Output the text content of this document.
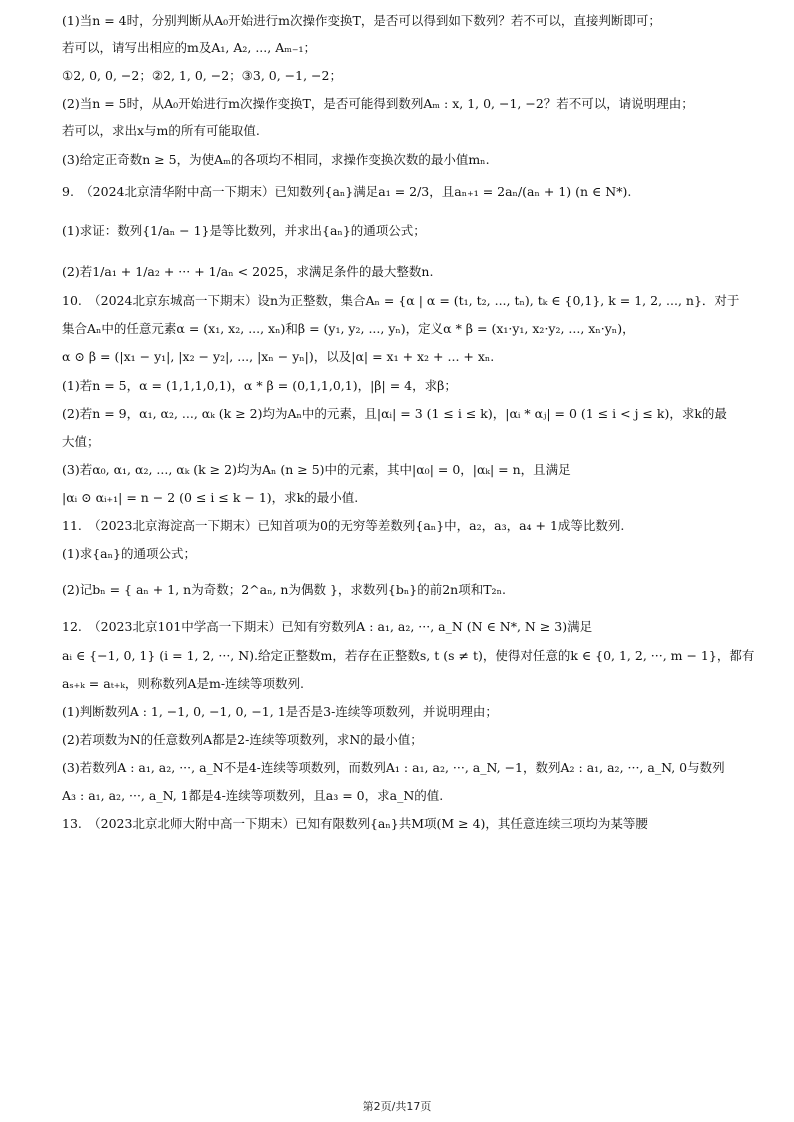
(1)当n = 4时，分别判断从A₀开始进行m次操作变换T，是否可以得到如下数列？若不可以，直接判断即可；
若可以，请写出相应的m及A₁, A₂, ..., Aₘ₋₁；
①2, 0, 0, −2；②2, 1, 0, −2；③3, 0, −1, −2；
(2)当n = 5时，从A₀开始进行m次操作变换T，是否可能得到数列Aₘ : x, 1, 0, −1, −2？若不可以，请说明理由；
若可以，求出x与m的所有可能取值.
(3)给定正奇数n ≥ 5，为使Aₘ的各项均不相同，求操作变换次数的最小值mₙ.
9.　（2024北京清华附中高一下期末）已知数列{aₙ}满足a₁ = 2/3，且aₙ₊₁ = 2aₙ/(aₙ + 1) (n ∈ N*).
(1)求证：数列{1/aₙ − 1}是等比数列，并求出{aₙ}的通项公式；
(2)若1/a₁ + 1/a₂ + ··· + 1/aₙ < 2025，求满足条件的最大整数n.
10.　（2024北京东城高一下期末）设n为正整数，集合Aₙ = {α | α = (t₁, t₂, ..., tₙ), tₖ ∈ {0,1}, k = 1, 2, ..., n}．对于
集合Aₙ中的任意元素α = (x₁, x₂, ..., xₙ)和β = (y₁, y₂, ..., yₙ)，定义α * β = (x₁·y₁, x₂·y₂, ..., xₙ·yₙ)，
α ⊙ β = (|x₁ − y₁|, |x₂ − y₂|, ..., |xₙ − yₙ|)，以及|α| = x₁ + x₂ + ... + xₙ.
(1)若n = 5，α = (1,1,1,0,1)，α * β = (0,1,1,0,1)，|β| = 4，求β；
(2)若n = 9，α₁, α₂, ..., αₖ (k ≥ 2)均为Aₙ中的元素，且|αᵢ| = 3 (1 ≤ i ≤ k)，|αᵢ * αⱼ| = 0 (1 ≤ i < j ≤ k)，求k的最
大值；
(3)若α₀, α₁, α₂, ..., αₖ (k ≥ 2)均为Aₙ (n ≥ 5)中的元素，其中|α₀| = 0，|αₖ| = n，且满足
|αᵢ ⊙ αᵢ₊₁| = n − 2 (0 ≤ i ≤ k − 1)，求k的最小值.
11.　（2023北京海淀高一下期末）已知首项为0的无穷等差数列{aₙ}中，a₂，a₃，a₄ + 1成等比数列.
(1)求{aₙ}的通项公式；
(2)记bₙ = { aₙ + 1, n为奇数；2^aₙ, n为偶数 }，求数列{bₙ}的前2n项和T₂ₙ.
12.　（2023北京101中学高一下期末）已知有穷数列A : a₁, a₂, ···, a_N (N ∈ N*, N ≥ 3)满足
aᵢ ∈ {−1, 0, 1} (i = 1, 2, ···, N).给定正整数m，若存在正整数s, t (s ≠ t)，使得对任意的k ∈ {0, 1, 2, ···, m − 1}，都有
aₛ₊ₖ = aₜ₊ₖ，则称数列A是m-连续等项数列.
(1)判断数列A : 1, −1, 0, −1, 0, −1, 1是否是3-连续等项数列，并说明理由；
(2)若项数为N的任意数列A都是2-连续等项数列，求N的最小值；
(3)若数列A : a₁, a₂, ···, a_N不是4-连续等项数列，而数列A₁ : a₁, a₂, ···, a_N, −1，数列A₂ : a₁, a₂, ···, a_N, 0与数列
A₃ : a₁, a₂, ···, a_N, 1都是4-连续等项数列，且a₃ = 0，求a_N的值.
13.　（2023北京北师大附中高一下期末）已知有限数列{aₙ}共M项(M ≥ 4)，其任意连续三项均为某等腰
第2页/共17页
